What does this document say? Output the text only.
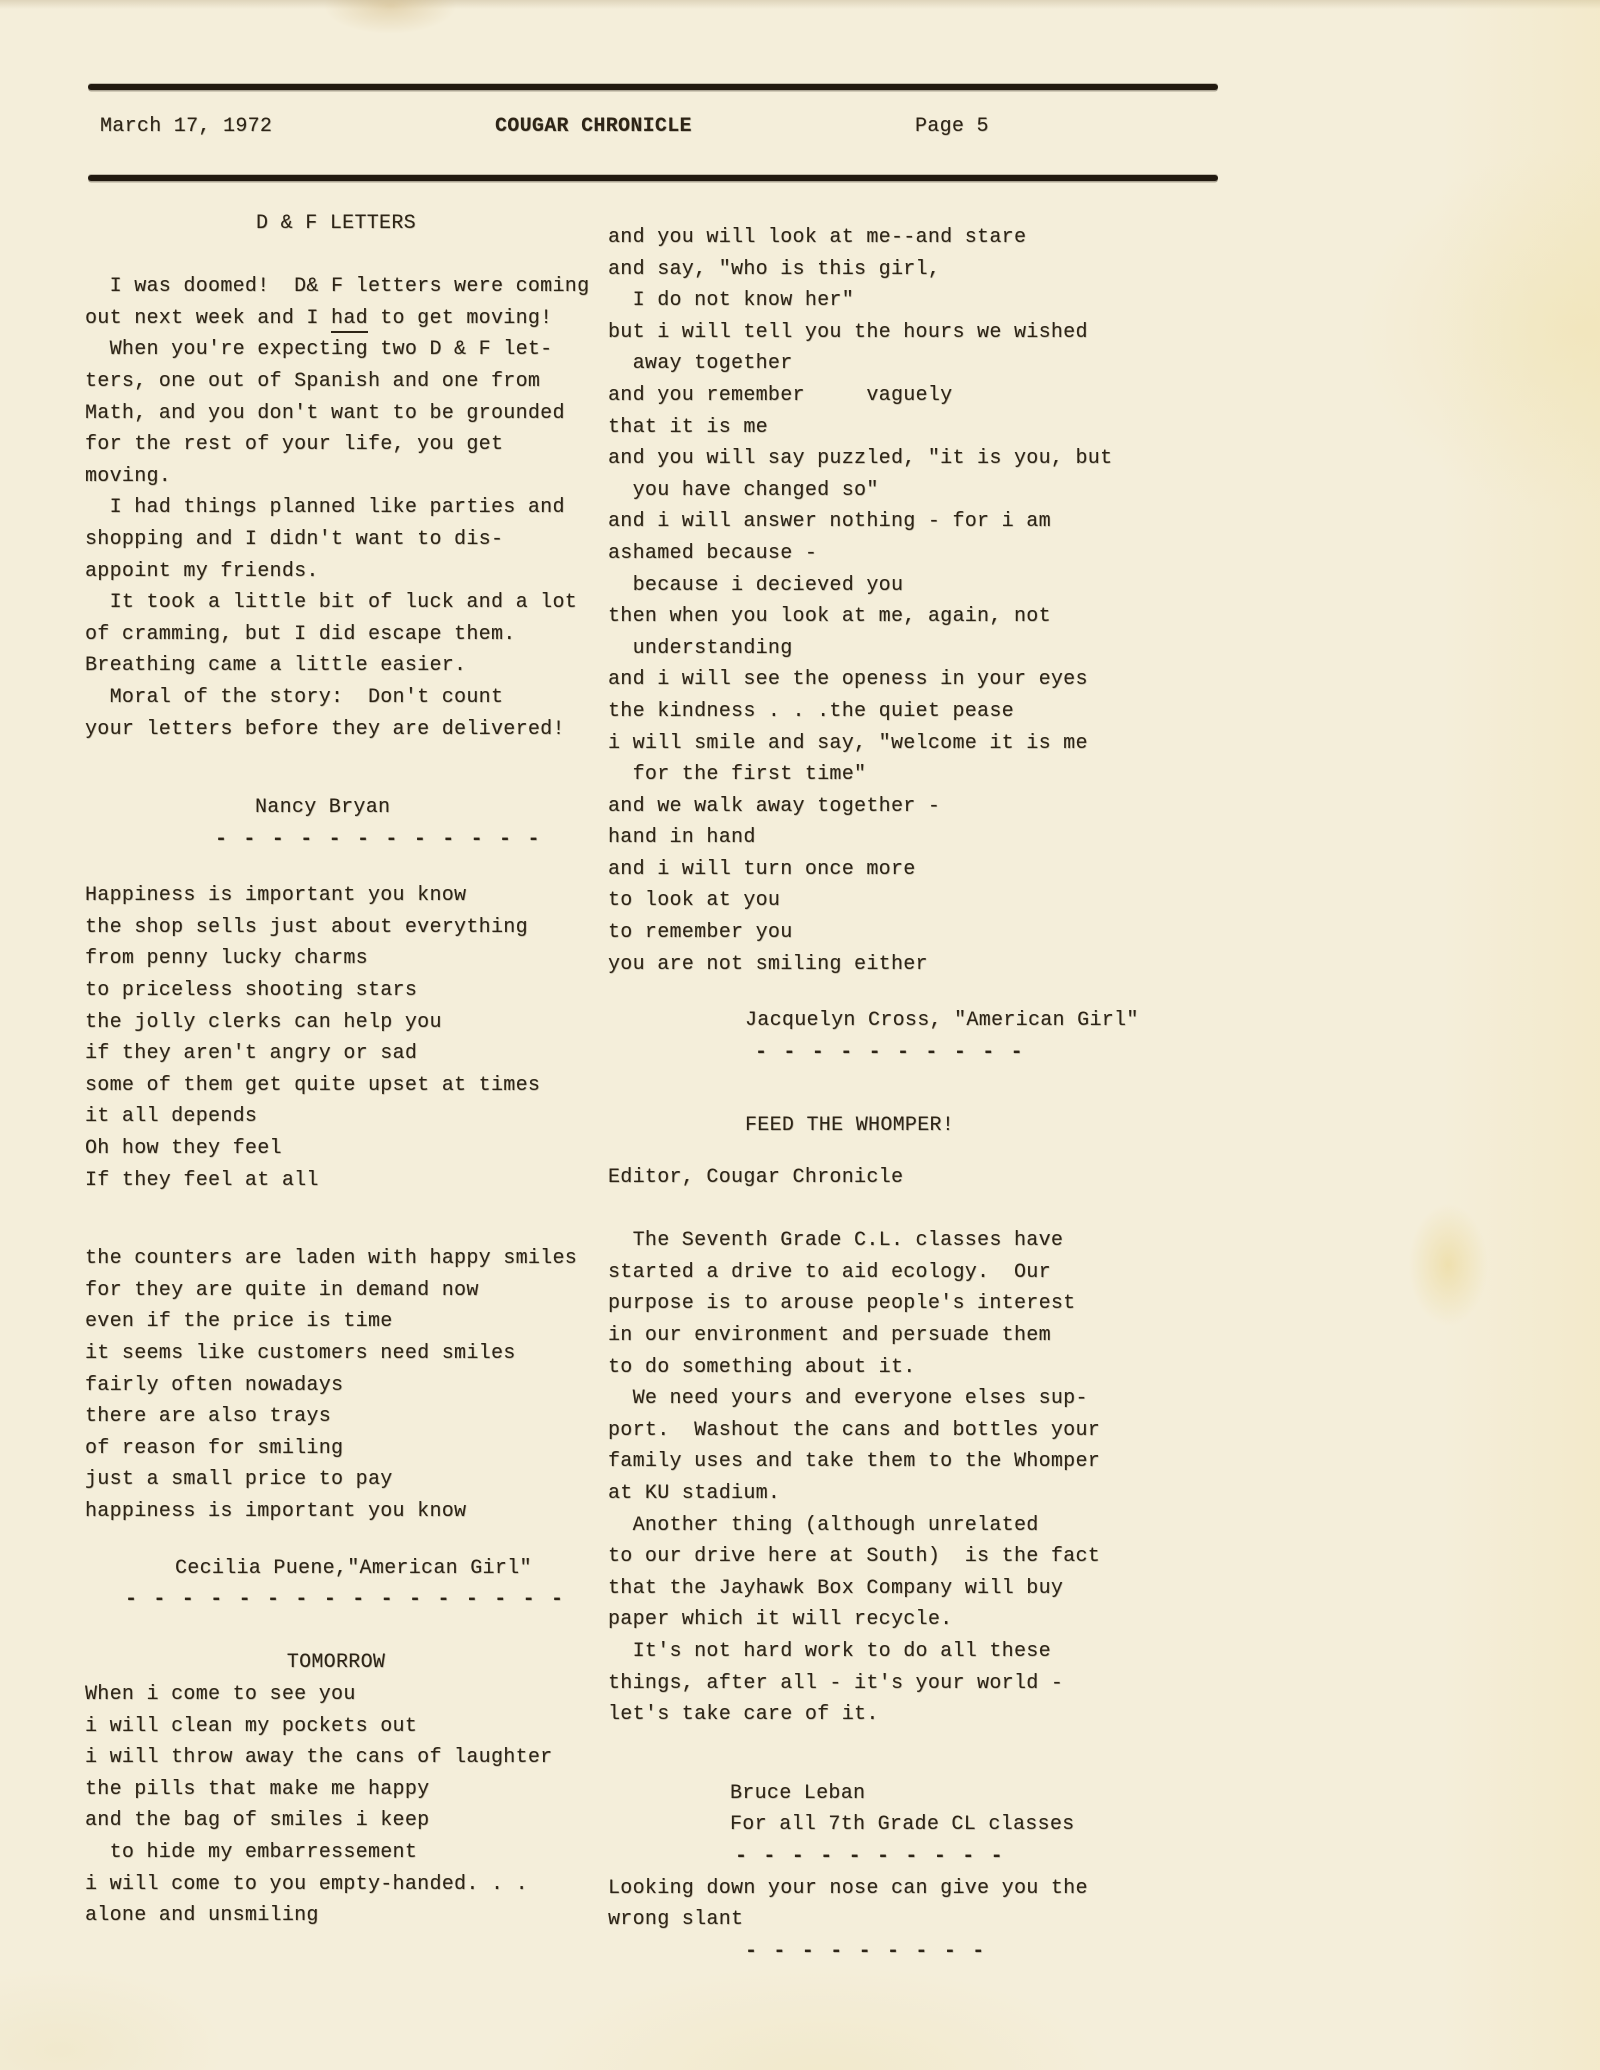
March 17, 1972	COUGAR CHRONICLE	Page 5
D & F LETTERS
I was doomed!  D& F letters were coming
out next week and I had to get moving!
When you're expecting two D & F let-
ters, one out of Spanish and one from
Math, and you don't want to be grounded
for the rest of your life, you get
moving.
I had things planned like parties and
shopping and I didn't want to dis-
appoint my friends.
It took a little bit of luck and a lot
of cramming, but I did escape them.
Breathing came a little easier.
Moral of the story:  Don't count
your letters before they are delivered!
Nancy Bryan
- - - - - - - - - - - -
Happiness is important you know
the shop sells just about everything
from penny lucky charms
to priceless shooting stars
the jolly clerks can help you
if they aren't angry or sad
some of them get quite upset at times
it all depends
Oh how they feel
If they feel at all
the counters are laden with happy smiles
for they are quite in demand now
even if the price is time
it seems like customers need smiles
fairly often nowadays
there are also trays
of reason for smiling
just a small price to pay
happiness is important you know
Cecilia Puene,"American Girl"
- - - - - - - - - - - - - - - -
TOMORROW
When i come to see you
i will clean my pockets out
i will throw away the cans of laughter
the pills that make me happy
and the bag of smiles i keep
to hide my embarressement
i will come to you empty-handed. . .
alone and unsmiling
and you will look at me--and stare
and say, "who is this girl,
I do not know her"
but i will tell you the hours we wished
away together
and you remember     vaguely
that it is me
and you will say puzzled, "it is you, but
you have changed so"
and i will answer nothing - for i am
ashamed because -
because i decieved you
then when you look at me, again, not
understanding
and i will see the openess in your eyes
the kindness . . .the quiet pease
i will smile and say, "welcome it is me
for the first time"
and we walk away together -
hand in hand
and i will turn once more
to look at you
to remember you
you are not smiling either
Jacquelyn Cross, "American Girl"
- - - - - - - - - -
FEED THE WHOMPER!
Editor, Cougar Chronicle
The Seventh Grade C.L. classes have
started a drive to aid ecology.  Our
purpose is to arouse people's interest
in our environment and persuade them
to do something about it.
We need yours and everyone elses sup-
port.  Washout the cans and bottles your
family uses and take them to the Whomper
at KU stadium.
Another thing (although unrelated
to our drive here at South)  is the fact
that the Jayhawk Box Company will buy
paper which it will recycle.
It's not hard work to do all these
things, after all - it's your world -
let's take care of it.
Bruce Leban
For all 7th Grade CL classes
- - - - - - - - - -
Looking down your nose can give you the
wrong slant
- - - - - - - - -
